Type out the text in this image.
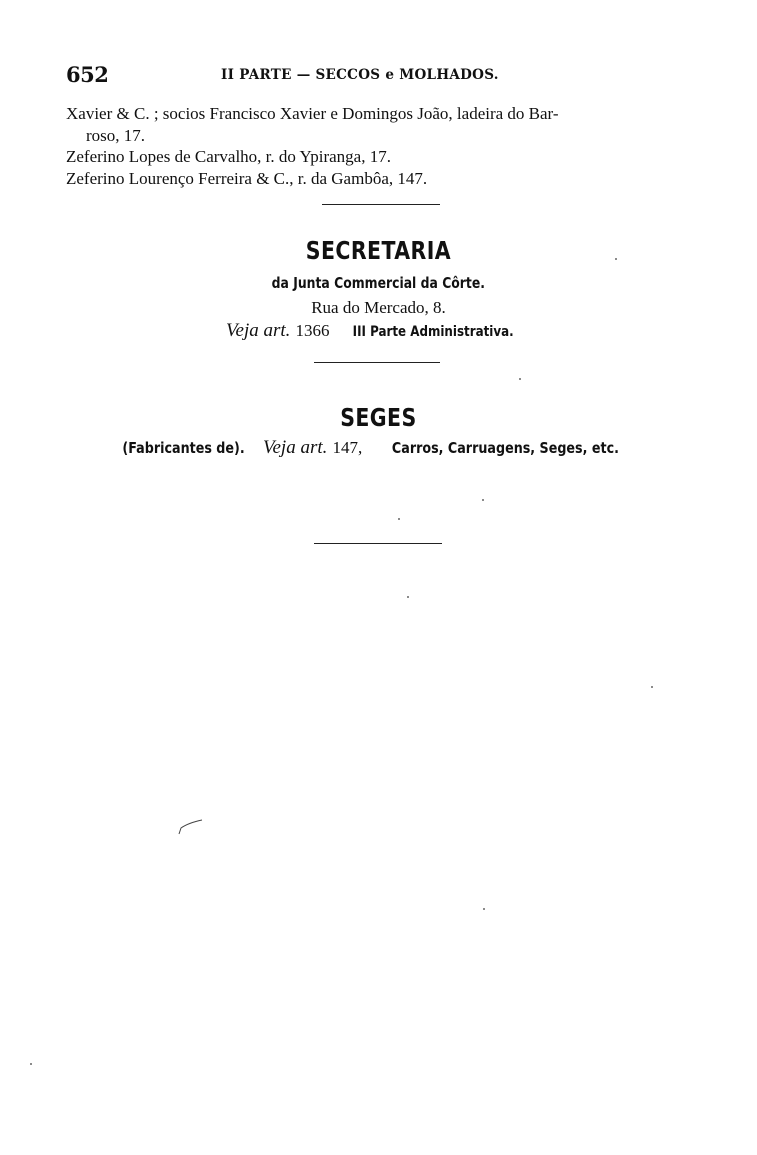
652	II PARTE — SECCOS e MOLHADOS.
Xavier & C. ; socios Francisco Xavier e Domingos João, ladeira do Bar-
roso, 17.
Zeferino Lopes de Carvalho, r. do Ypiranga, 17.
Zeferino Lourenço Ferreira & C., r. da Gambôa, 147.
SECRETARIA
da Junta Commercial da Côrte.
Rua do Mercado, 8.
Veja art. 1366 III Parte Administrativa.
SEGES
(Fabricantes de). Veja art. 147, Carros, Carruagens, Seges, etc.
